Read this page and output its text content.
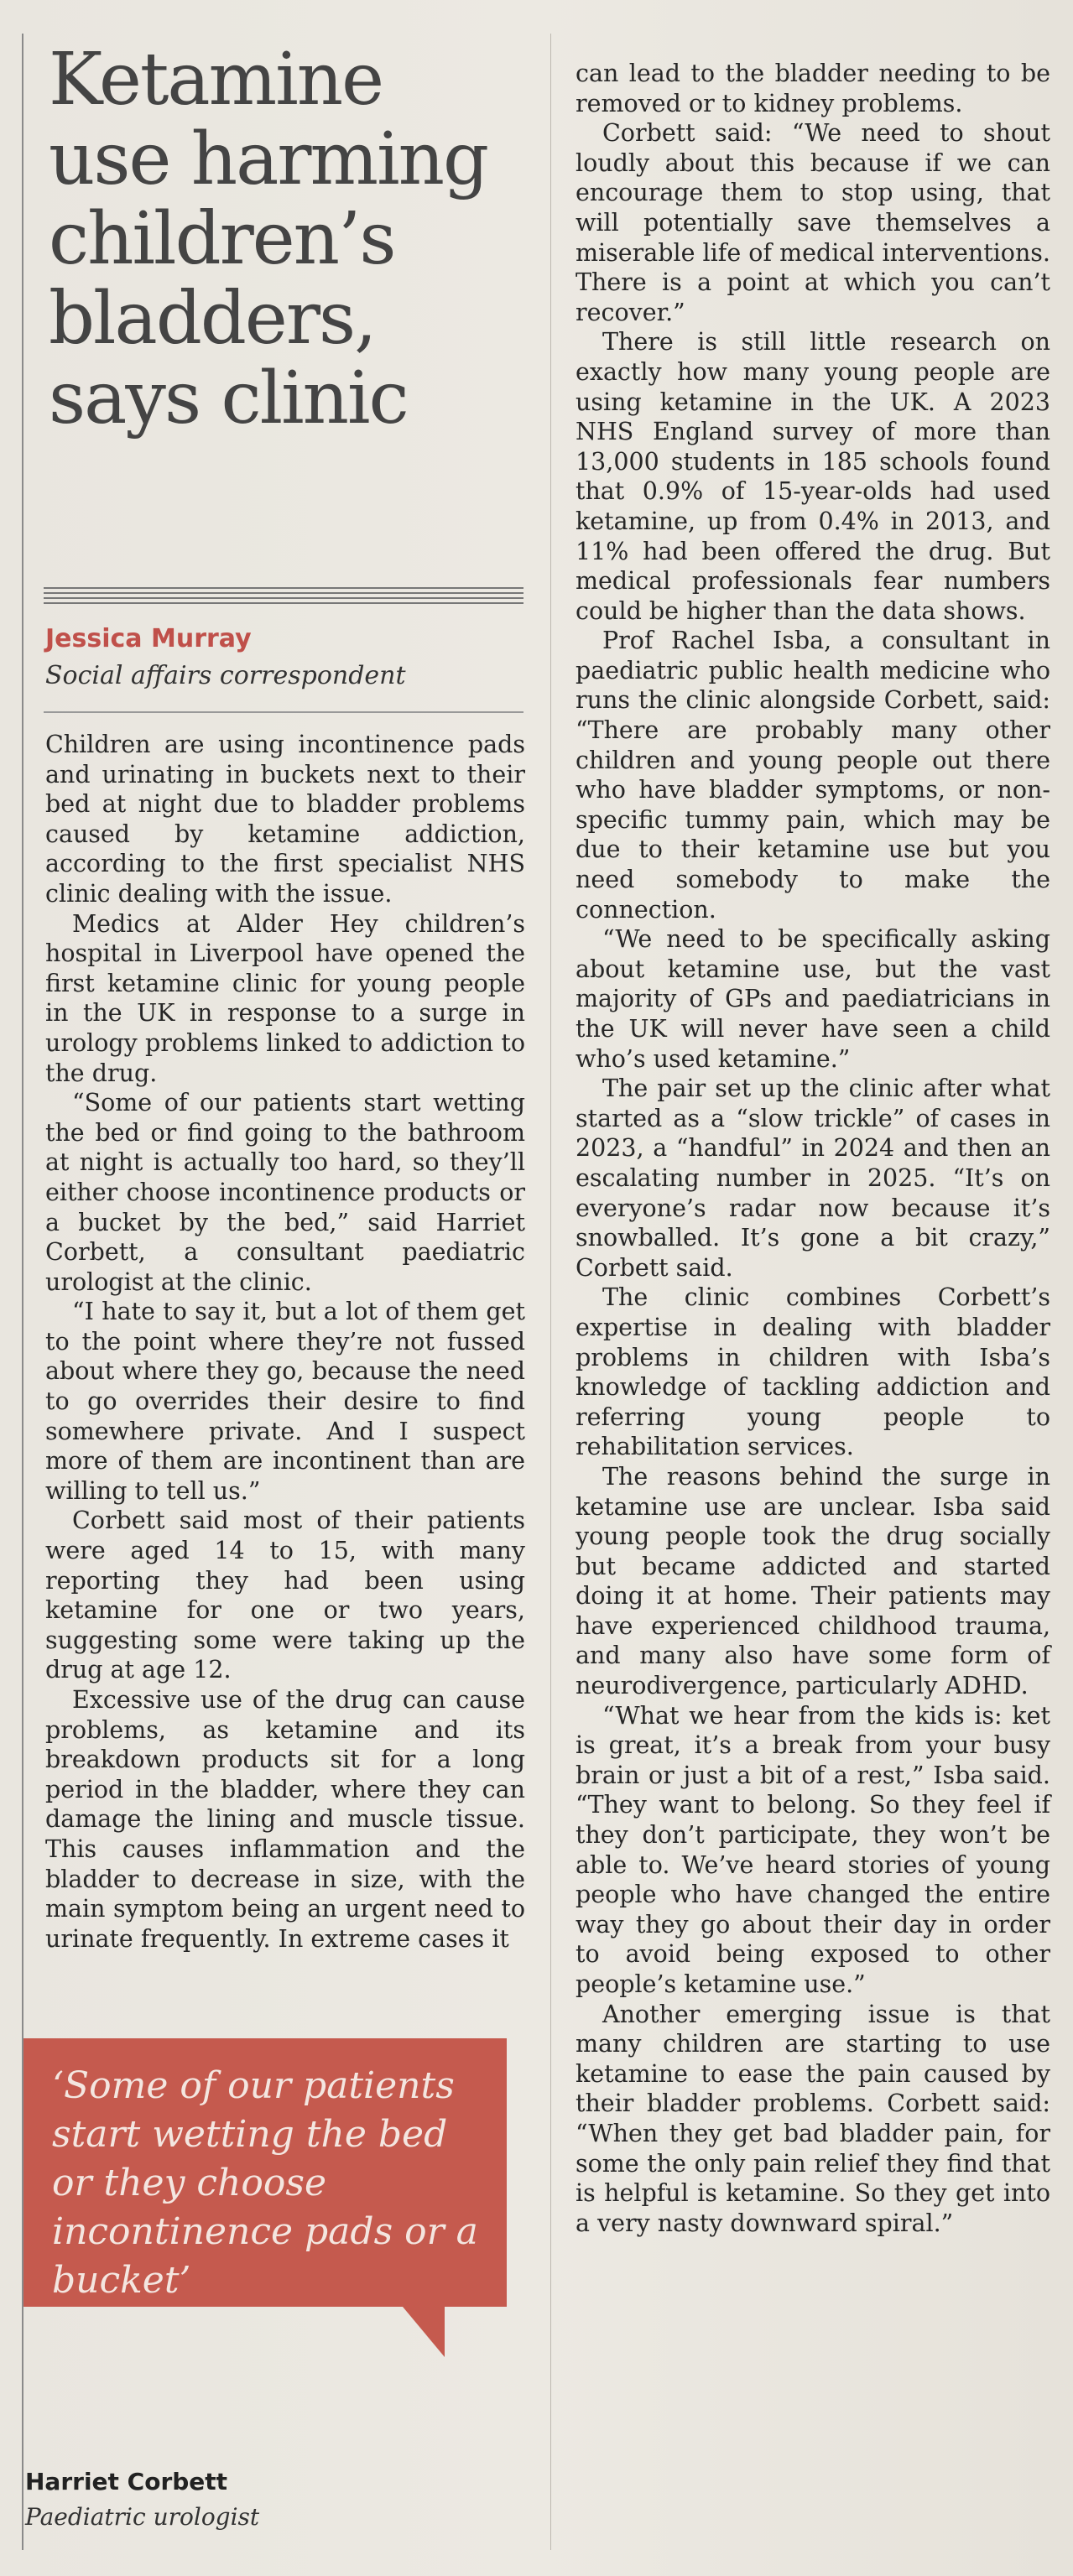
Ketamine use harming children’s bladders, says clinic
Jessica Murray
Social affairs correspondent

Children are using incontinence pads and urinating in buckets next to their bed at night due to bladder problems caused by ketamine addiction, according to the first specialist NHS clinic dealing with the issue.

Medics at Alder Hey children’s hospital in Liverpool have opened the first ketamine clinic for young people in the UK in response to a surge in urology problems linked to addiction to the drug.

“Some of our patients start wetting the bed or find going to the bathroom at night is actually too hard, so they’ll either choose incontinence products or a bucket by the bed,” said Harriet Corbett, a consultant paediatric urologist at the clinic.

“I hate to say it, but a lot of them get to the point where they’re not fussed about where they go, because the need to go overrides their desire to find somewhere private. And I suspect more of them are incontinent than are willing to tell us.”

Corbett said most of their patients were aged 14 to 15, with many reporting they had been using ketamine for one or two years, suggesting some were taking up the drug at age 12.

Excessive use of the drug can cause problems, as ketamine and its breakdown products sit for a long period in the bladder, where they can damage the lining and muscle tissue. This causes inflammation and the bladder to decrease in size, with the main symptom being an urgent need to urinate frequently. In extreme cases it

can lead to the bladder needing to be removed or to kidney problems.

Corbett said: “We need to shout loudly about this because if we can encourage them to stop using, that will potentially save themselves a miserable life of medical interventions. There is a point at which you can’t recover.”

There is still little research on exactly how many young people are using ketamine in the UK. A 2023 NHS England survey of more than 13,000 students in 185 schools found that 0.9% of 15-year-olds had used ketamine, up from 0.4% in 2013, and 11% had been offered the drug. But medical professionals fear numbers could be higher than the data shows.

Prof Rachel Isba, a consultant in paediatric public health medicine who runs the clinic alongside Corbett, said: “There are probably many other children and young people out there who have bladder symptoms, or non-specific tummy pain, which may be due to their ketamine use but you need somebody to make the connection.

“We need to be specifically asking about ketamine use, but the vast majority of GPs and paediatricians in the UK will never have seen a child who’s used ketamine.”

The pair set up the clinic after what started as a “slow trickle” of cases in 2023, a “handful” in 2024 and then an escalating number in 2025. “It’s on everyone’s radar now because it’s snowballed. It’s gone a bit crazy,” Corbett said.

The clinic combines Corbett’s expertise in dealing with bladder problems in children with Isba’s knowledge of tackling addiction and referring young people to rehabilitation services.

The reasons behind the surge in ketamine use are unclear. Isba said young people took the drug socially but became addicted and started doing it at home. Their patients may have experienced childhood trauma, and many also have some form of neurodivergence, particularly ADHD.

“What we hear from the kids is: ket is great, it’s a break from your busy brain or just a bit of a rest,” Isba said. “They want to belong. So they feel if they don’t participate, they won’t be able to. We’ve heard stories of young people who have changed the entire way they go about their day in order to avoid being exposed to other people’s ketamine use.”

Another emerging issue is that many children are starting to use ketamine to ease the pain caused by their bladder problems. Corbett said: “When they get bad bladder pain, for some the only pain relief they find that is helpful is ketamine. So they get into a very nasty downward spiral.”

‘Some of our patients start wetting the bed or they choose incontinence pads or a bucket’
Harriet Corbett
Paediatric urologist
